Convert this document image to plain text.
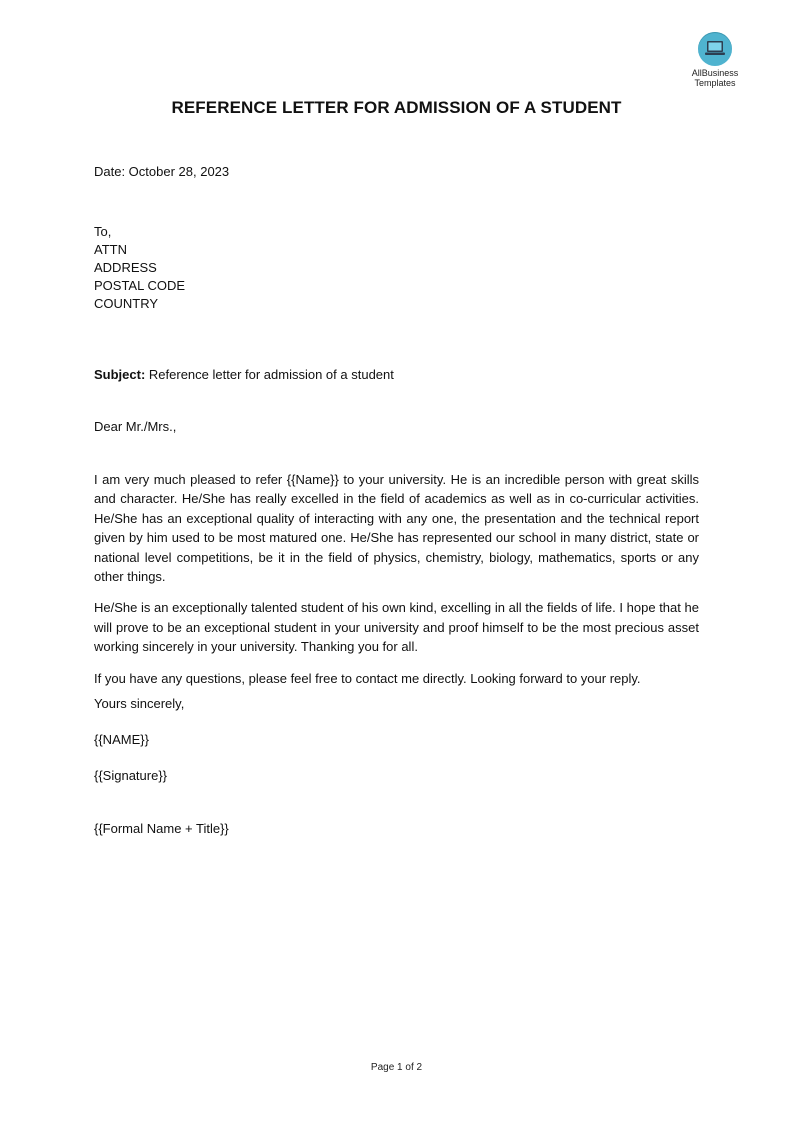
AllBusiness
Templates
REFERENCE LETTER FOR ADMISSION OF A STUDENT
Date: October 28, 2023
To,
ATTN
ADDRESS
POSTAL CODE
COUNTRY
Subject: Reference letter for admission of a student
Dear Mr./Mrs.,

I am very much pleased to refer {{Name}} to your university. He is an incredible person with great skills and character. He/She has really excelled in the field of academics as well as in co-curricular activities. He/She has an exceptional quality of interacting with any one, the presentation and the technical report given by him used to be most matured one. He/She has represented our school in many district, state or national level competitions, be it in the field of physics, chemistry, biology, mathematics, sports or any other things.

He/She is an exceptionally talented student of his own kind, excelling in all the fields of life. I hope that he will prove to be an exceptional student in your university and proof himself to be the most precious asset working sincerely in your university. Thanking you for all.

If you have any questions, please feel free to contact me directly. Looking forward to your reply.

Yours sincerely,
{{NAME}}
{{Signature}}
{{Formal Name + Title}}
Page 1 of 2
